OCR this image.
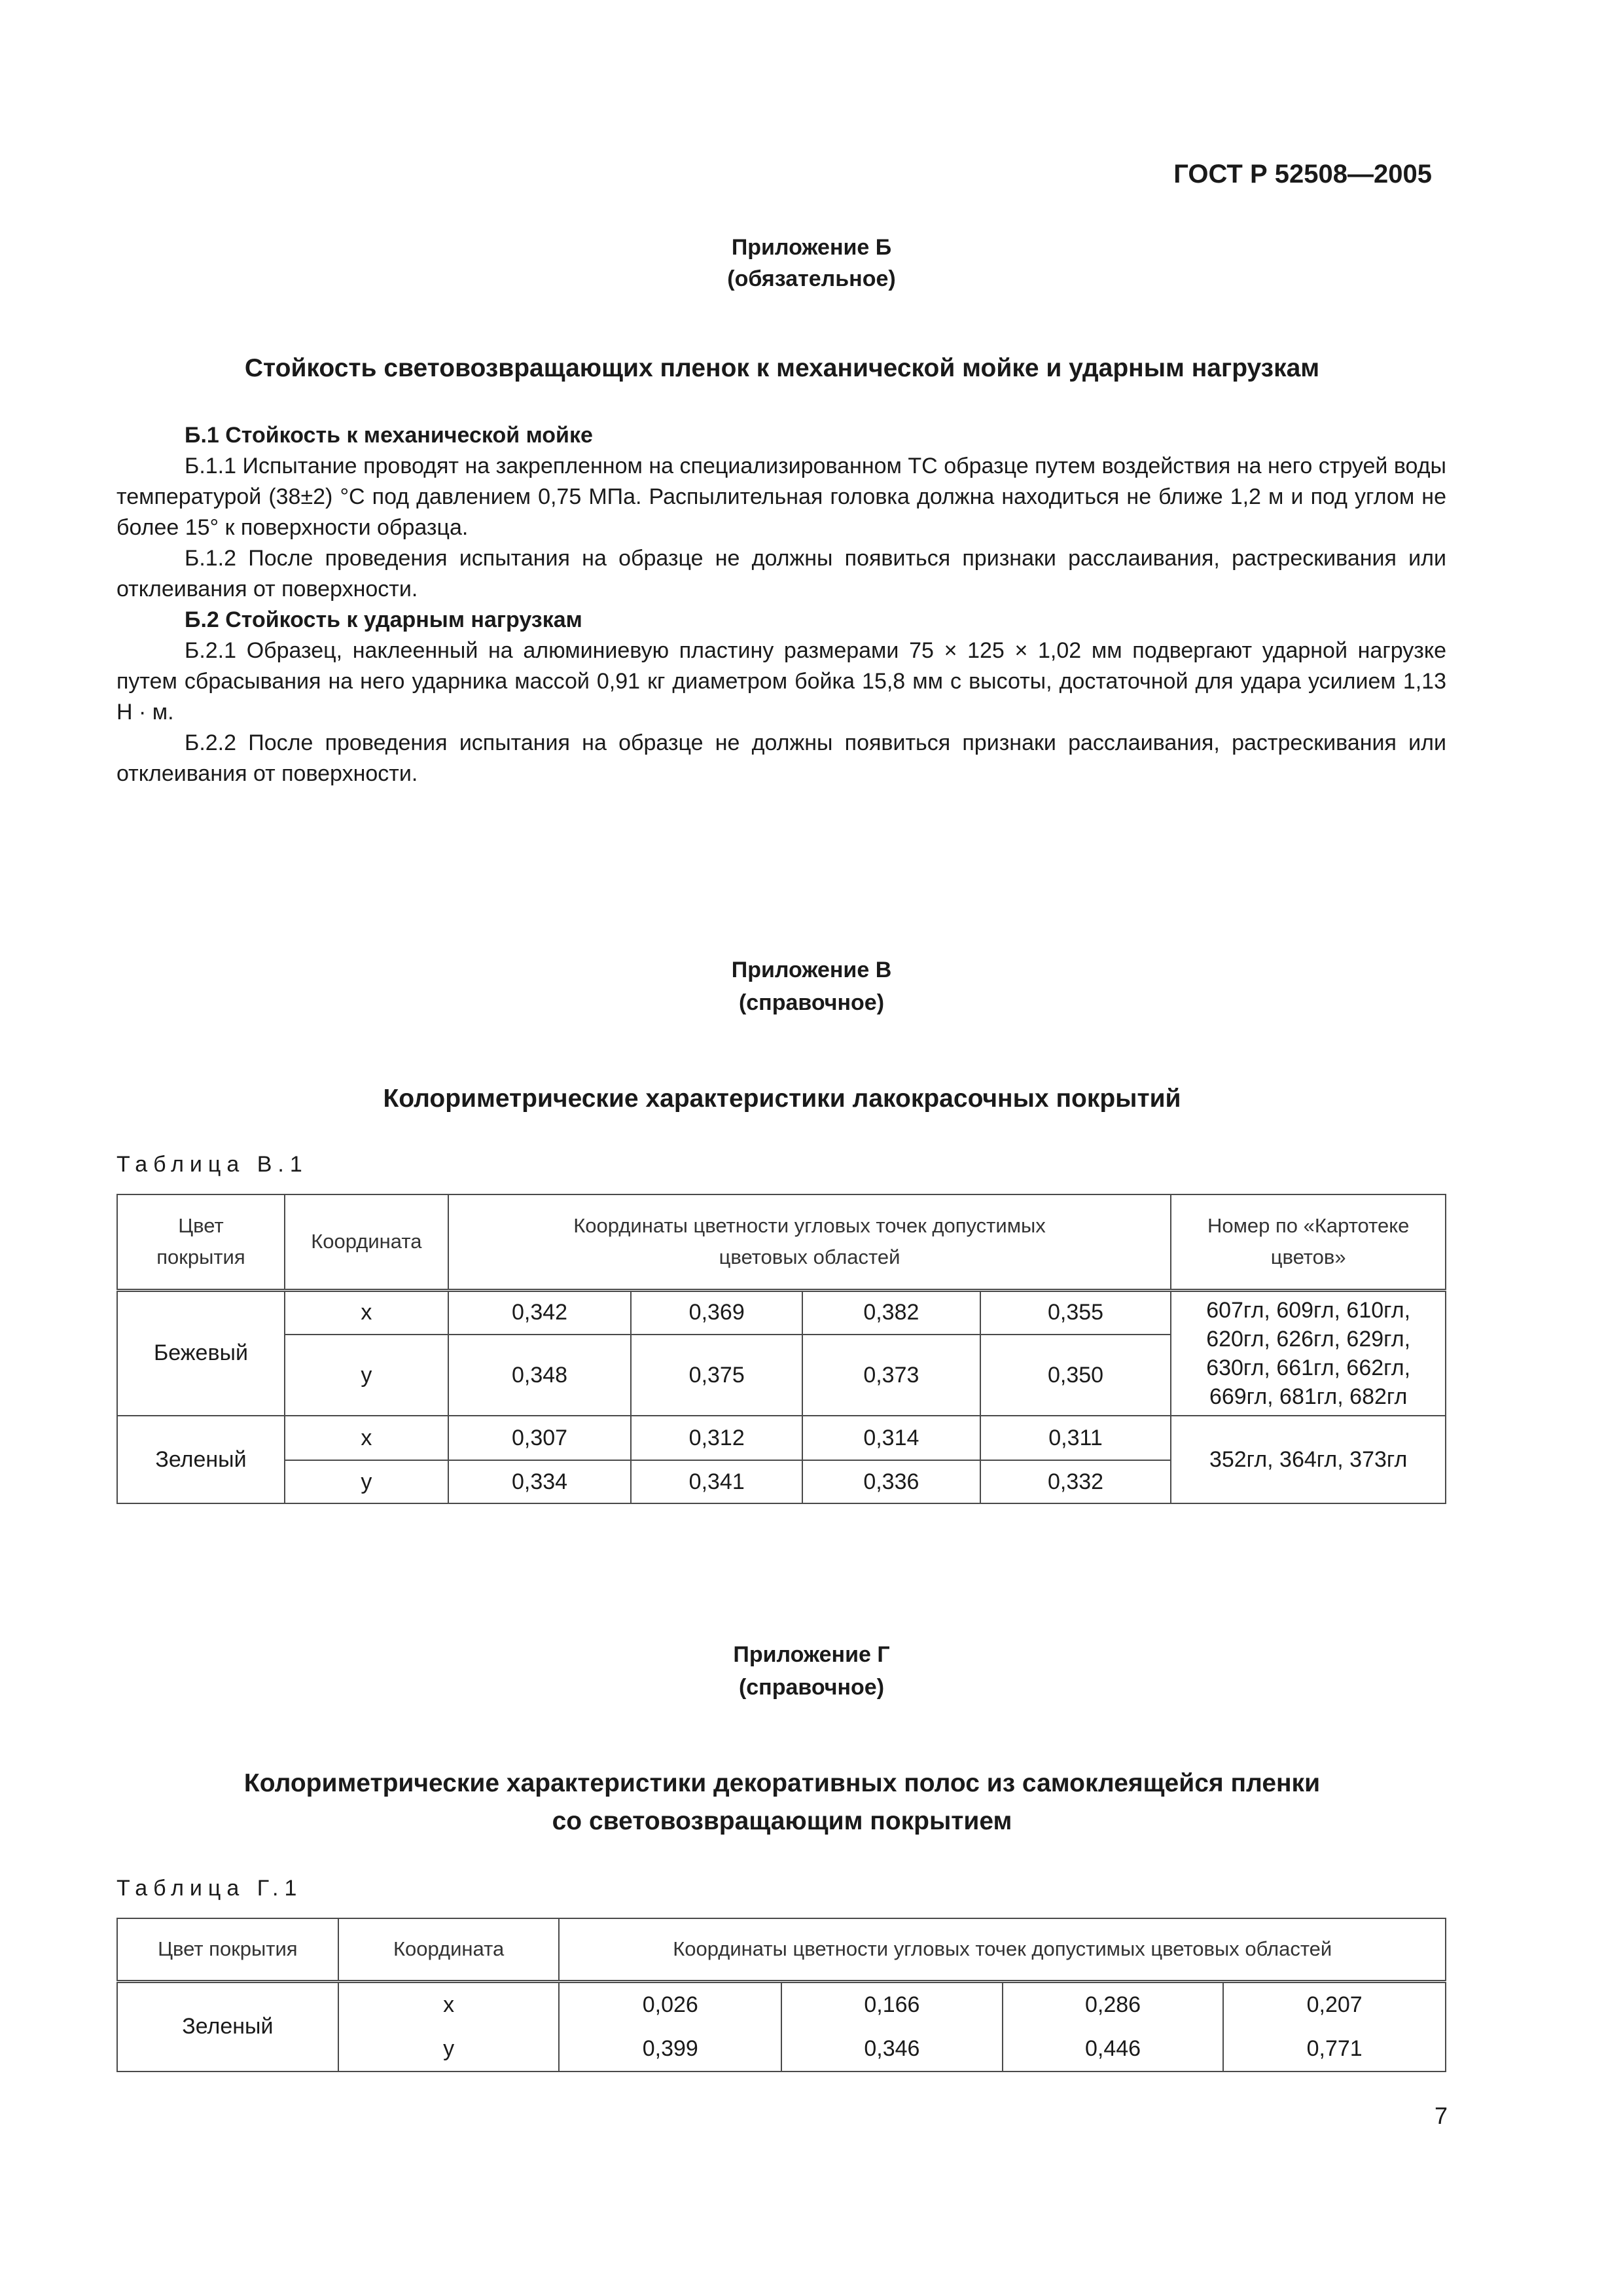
ГОСТ Р 52508—2005
Приложение Б
(обязательное)
Стойкость световозвращающих пленок к механической мойке и ударным нагрузкам

Б.1 Стойкость к механической мойке

Б.1.1 Испытание проводят на закрепленном на специализированном ТС образце путем воздействия на него струей воды температурой (38±2) °С под давлением 0,75 МПа. Распылительная головка должна находиться не ближе 1,2 м и под углом не более 15° к поверхности образца.

Б.1.2 После проведения испытания на образце не должны появиться признаки расслаивания, растрескивания или отклеивания от поверхности.

Б.2 Стойкость к ударным нагрузкам

Б.2.1 Образец, наклеенный на алюминиевую пластину размерами 75 × 125 × 1,02 мм подвергают ударной нагрузке путем сбрасывания на него ударника массой 0,91 кг диаметром бойка 15,8 мм с высоты, достаточной для удара усилием 1,13 Н · м.

Б.2.2 После проведения испытания на образце не должны появиться признаки расслаивания, растрескивания или отклеивания от поверхности.

Приложение В
(справочное)
Колориметрические характеристики лакокрасочных покрытий
Таблица В.1
Цвет покрытия	Координата	Координаты цветности угловых точек допустимых цветовых областей				Номер по «Картотеке цветов»
Бежевый	x	0,342	0,369	0,382	0,355	607гл, 609гл, 610гл, 620гл, 626гл, 629гл, 630гл, 661гл, 662гл, 669гл, 681гл, 682гл
	y	0,348	0,375	0,373	0,350	
Зеленый	x	0,307	0,312	0,314	0,311	352гл, 364гл, 373гл
	y	0,334	0,341	0,336	0,332	
Приложение Г
(справочное)
Колориметрические характеристики декоративных полос из самоклеящейся пленки
со световозвращающим покрытием
Таблица Г.1
Цвет покрытия	Координата	Координаты цветности угловых точек допустимых цветовых областей			
Зеленый	x	0,026	0,166	0,286	0,207
	y	0,399	0,346	0,446	0,771
7
